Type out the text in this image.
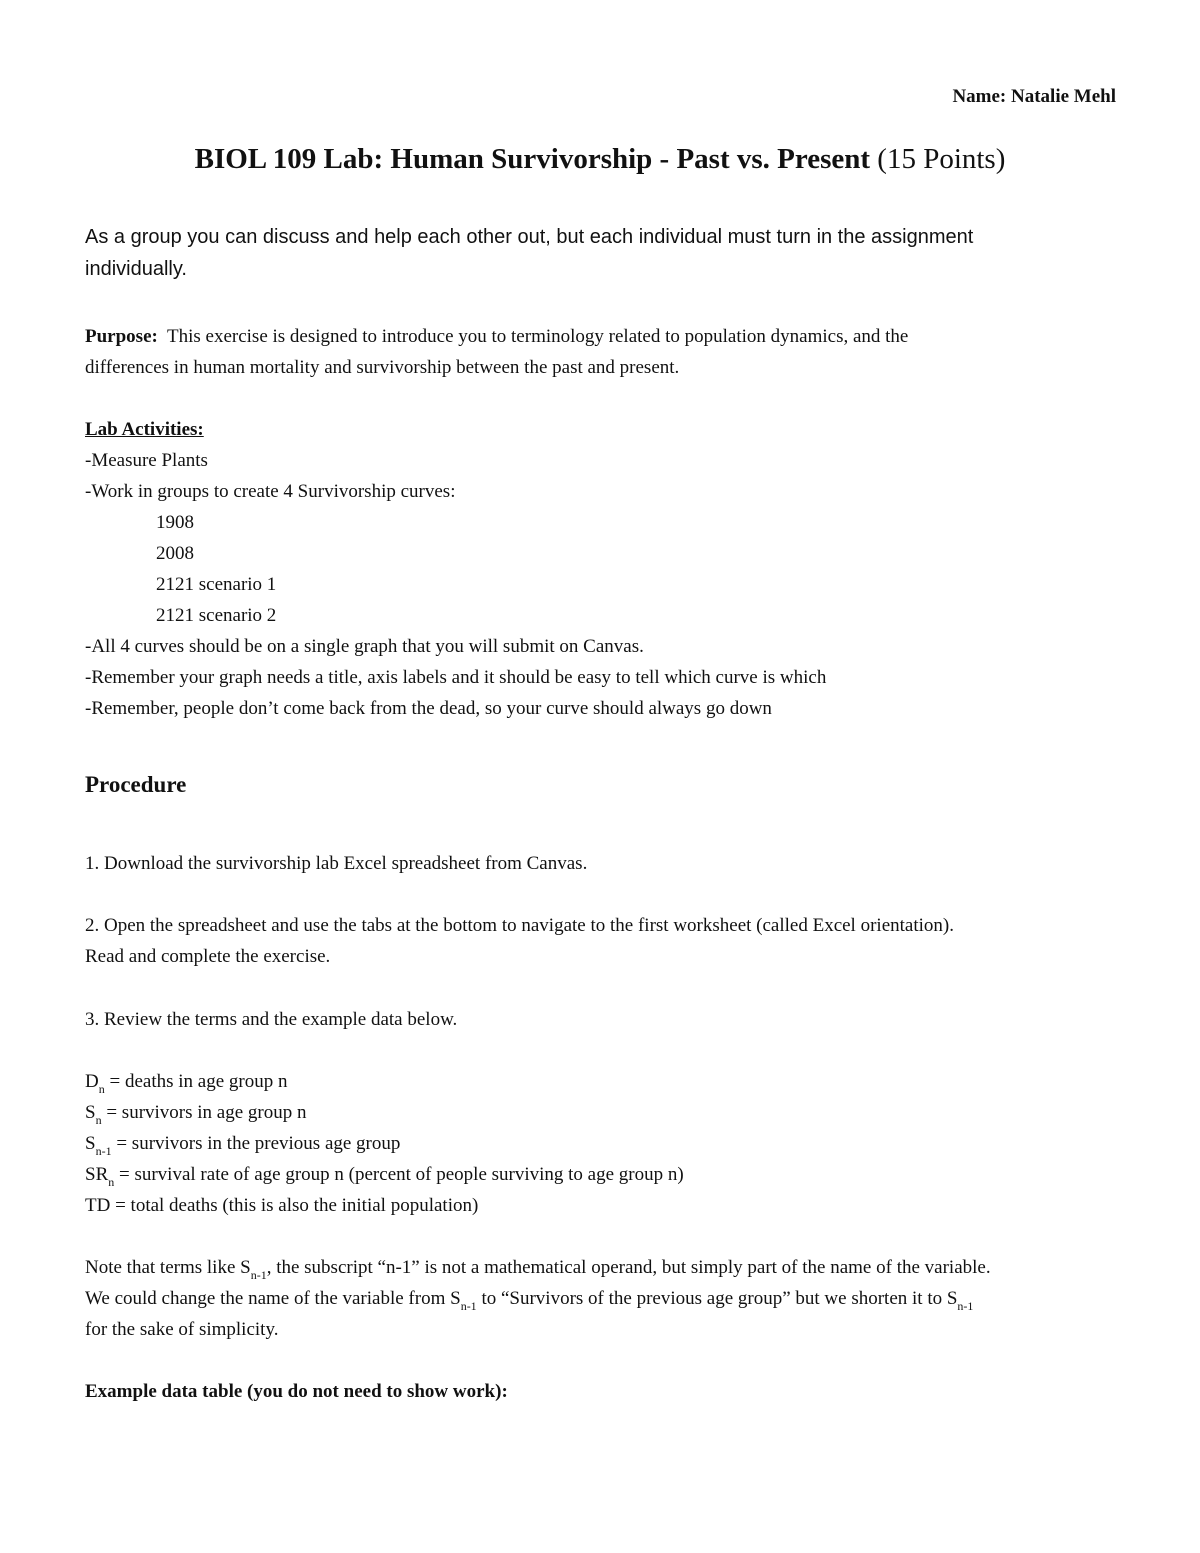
Name: Natalie Mehl
BIOL 109 Lab: Human Survivorship - Past vs. Present (15 Points)
As a group you can discuss and help each other out, but each individual must turn in the assignment
individually.
Purpose: This exercise is designed to introduce you to terminology related to population dynamics, and the
differences in human mortality and survivorship between the past and present.
Lab Activities:
-Measure Plants
-Work in groups to create 4 Survivorship curves:
1908
2008
2121 scenario 1
2121 scenario 2
-All 4 curves should be on a single graph that you will submit on Canvas.
-Remember your graph needs a title, axis labels and it should be easy to tell which curve is which
-Remember, people don’t come back from the dead, so your curve should always go down
Procedure
1. Download the survivorship lab Excel spreadsheet from Canvas.
2. Open the spreadsheet and use the tabs at the bottom to navigate to the first worksheet (called Excel orientation).
Read and complete the exercise.
3. Review the terms and the example data below.
$D_n$ = deaths in age group n
$S_n$ = survivors in age group n
$S_{n-1}$ = survivors in the previous age group
$SR_n$ = survival rate of age group n (percent of people surviving to age group n)
TD = total deaths (this is also the initial population)
Note that terms like $S_{n-1}$, the subscript “n-1” is not a mathematical operand, but simply part of the name of the variable.
We could change the name of the variable from $S_{n-1}$ to “Survivors of the previous age group” but we shorten it to $S_{n-1}$
for the sake of simplicity.
Example data table (you do not need to show work):
